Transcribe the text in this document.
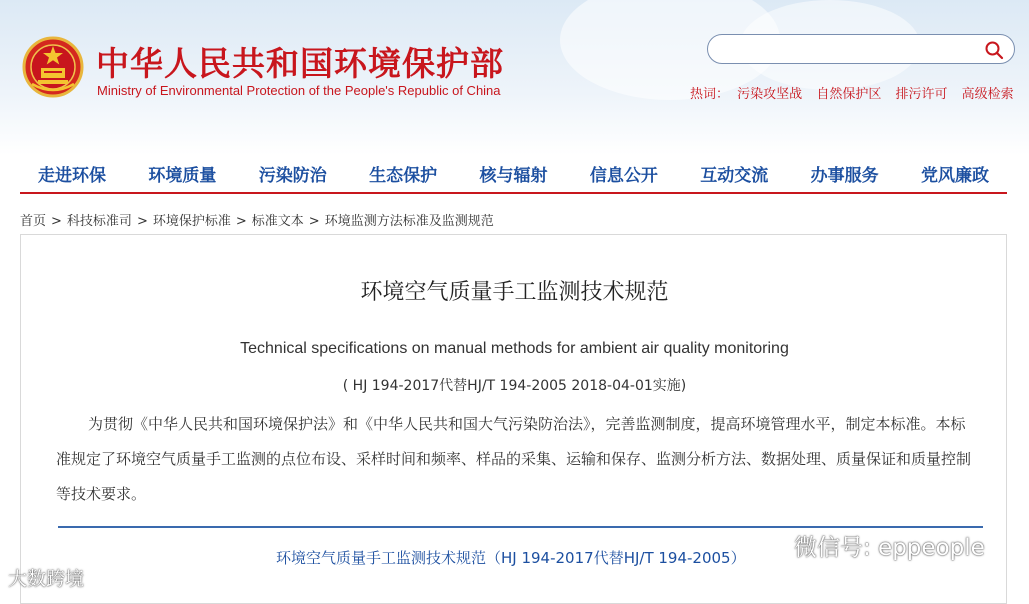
中华人民共和国环境保护部
Ministry of Environmental Protection of the People's Republic of China	热词： 污染攻坚战 自然保护区 排污许可 高级检索
走进环保 环境质量 污染防治 生态保护 核与辐射 信息公开 互动交流 办事服务 党风廉政
首页 > 科技标准司 > 环境保护标准 > 标准文本 > 环境监测方法标准及监测规范
环境空气质量手工监测技术规范
Technical specifications on manual methods for ambient air quality monitoring
( HJ 194-2017代替HJ/T 194-2005 2018-04-01实施)
为贯彻《中华人民共和国环境保护法》和《中华人民共和国大气污染防治法》，完善监测制度，提高环境管理水平，制定本标准。本标准规定了环境空气质量手工监测的点位布设、采样时间和频率、样品的采集、运输和保存、监测分析方法、数据处理、质量保证和质量控制等技术要求。
环境空气质量手工监测技术规范（HJ 194-2017代替HJ/T 194-2005）	微信号: eppeople
大数跨境
